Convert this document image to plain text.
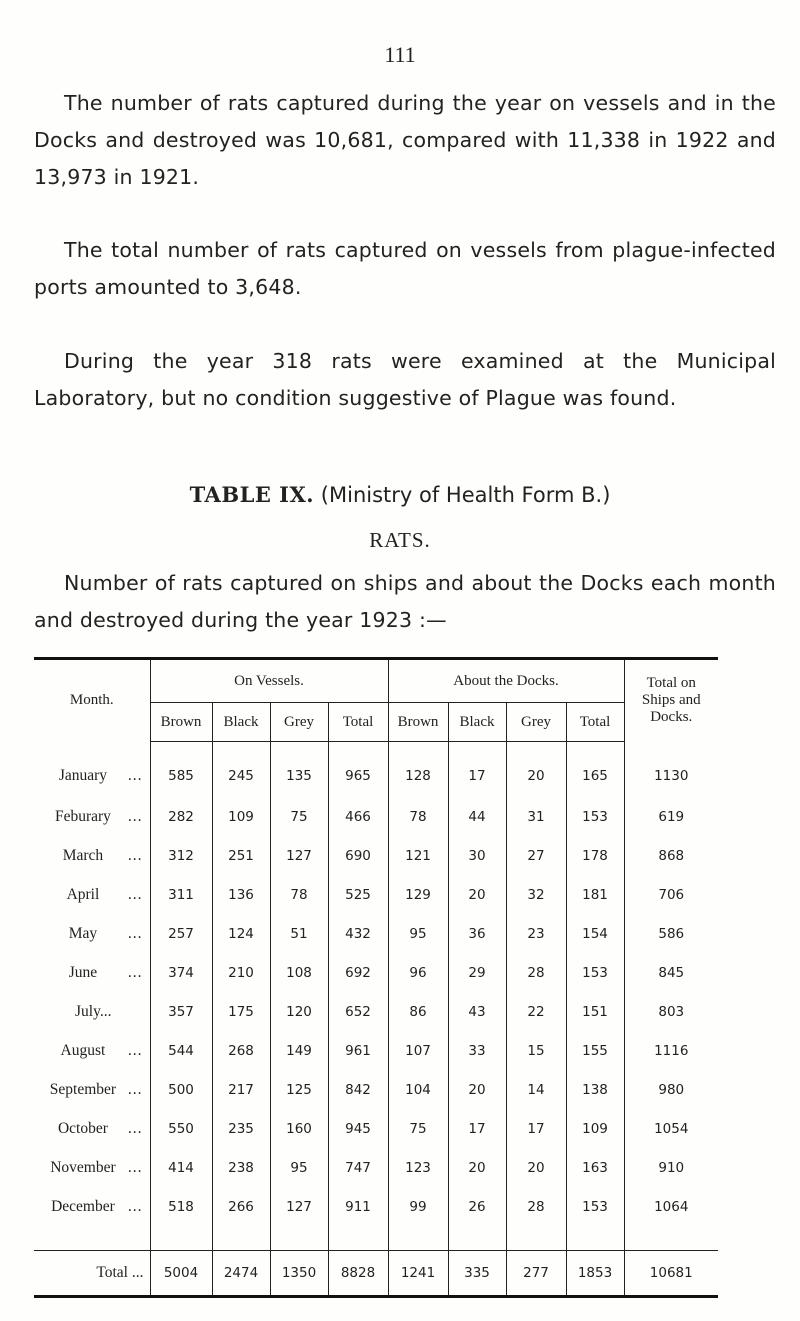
111

The number of rats captured during the year on vessels and in the Docks and destroyed was 10,681, compared with 11,338 in 1922 and 13,973 in 1921.

The total number of rats captured on vessels from plague-infected ports amounted to 3,648.

During the year 318 rats were examined at the Municipal Laboratory, but no condition suggestive of Plague was found.

TABLE IX. (Ministry of Health Form B.)
RATS.

Number of rats captured on ships and about the Docks each month and destroyed during the year 1923 :—

Month.	On Vessels.				About the Docks.				Total on
Ships and
Docks.
	Brown	Black	Grey	Total	Brown	Black	Grey	Total	
January ...	585	245	135	965	128	17	20	165	1130
Feburary ...	282	109	75	466	78	44	31	153	619
March ...	312	251	127	690	121	30	27	178	868
April ...	311	136	78	525	129	20	32	181	706
May ...	257	124	51	432	95	36	23	154	586
June ...	374	210	108	692	96	29	28	153	845
July...	357	175	120	652	86	43	22	151	803
August ...	544	268	149	961	107	33	15	155	1116
September ...	500	217	125	842	104	20	14	138	980
October ...	550	235	160	945	75	17	17	109	1054
November ...	414	238	95	747	123	20	20	163	910
December ...	518	266	127	911	99	26	28	153	1064

Total ...	5004	2474	1350	8828	1241	335	277	1853	10681
